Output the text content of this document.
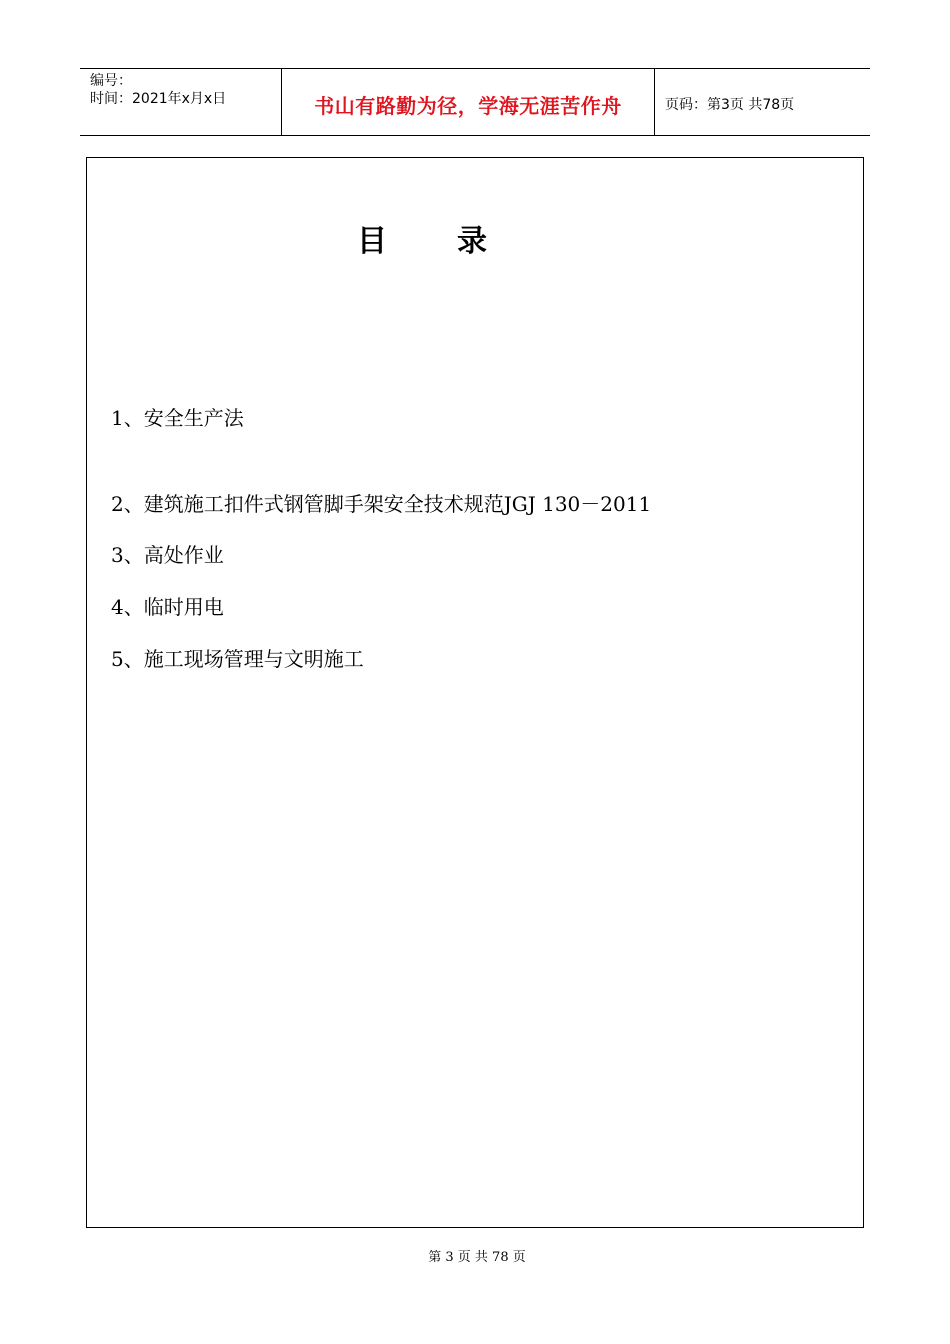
编号：
时间：2021年x月x日	书山有路勤为径，学海无涯苦作舟	页码：第3页 共78页
目录
1、安全生产法
2、建筑施工扣件式钢管脚手架安全技术规范JGJ 130－2011
3、高处作业
4、临时用电
5、施工现场管理与文明施工
第 3 页 共 78 页
